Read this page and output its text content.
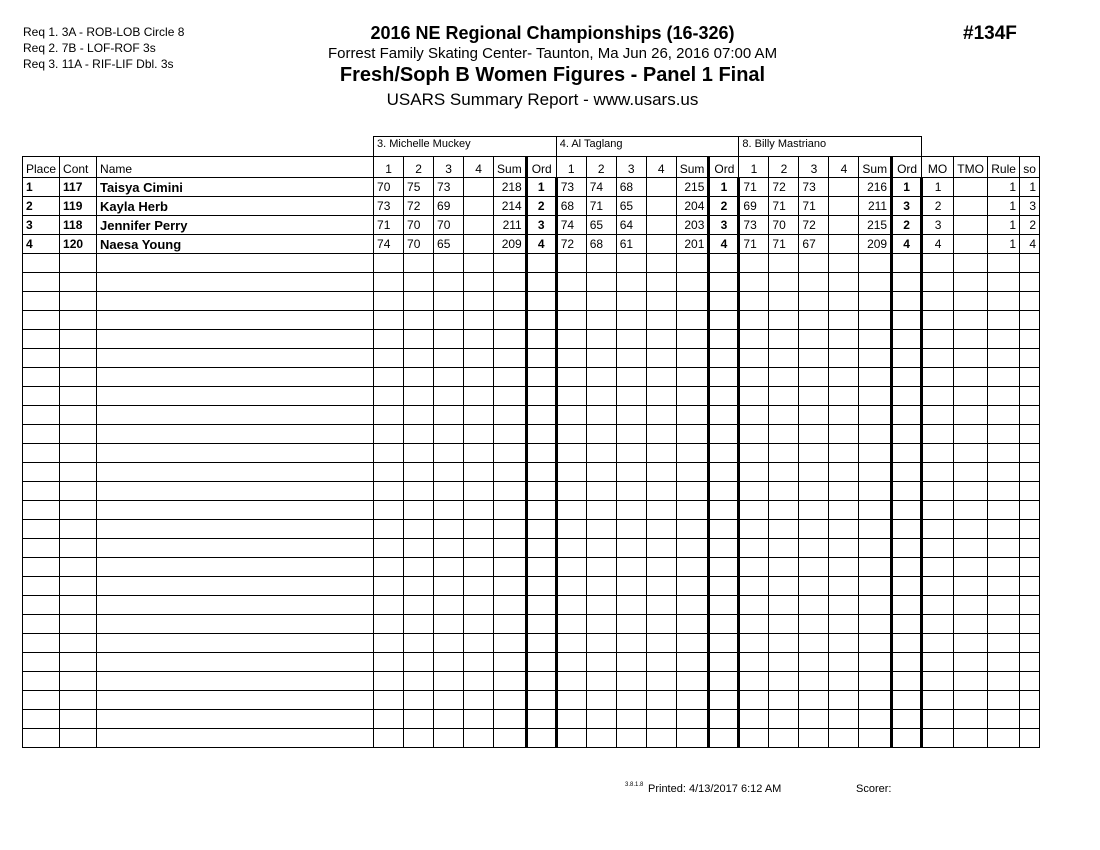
Req 1. 3A - ROB-LOB Circle 8
Req 2. 7B - LOF-ROF 3s
Req 3. 11A - RIF-LIF Dbl. 3s
2016 NE Regional Championships (16-326)
Forrest Family Skating Center- Taunton, Ma Jun 26, 2016 07:00 AM
Fresh/Soph B Women Figures - Panel 1 Final
USARS Summary Report - www.usars.us
#134F
			3. Michelle Muckey						4. Al Taglang						8. Billy Mastriano									
Place	Cont	Name	1	2	3	4	Sum	Ord	1	2	3	4	Sum	Ord	1	2	3	4	Sum	Ord	MO	TMO	Rule	so
1	117	Taisya Cimini	70	75	73		218	1	73	74	68		215	1	71	72	73		216	1	1		1	1
2	119	Kayla Herb	73	72	69		214	2	68	71	65		204	2	69	71	71		211	3	2		1	3
3	118	Jennifer Perry	71	70	70		211	3	74	65	64		203	3	73	70	72		215	2	3		1	2
4	120	Naesa Young	74	70	65		209	4	72	68	61		201	4	71	71	67		209	4	4		1	4

3.8.1.8 Printed: 4/13/2017 6:12 AM	Scorer:
